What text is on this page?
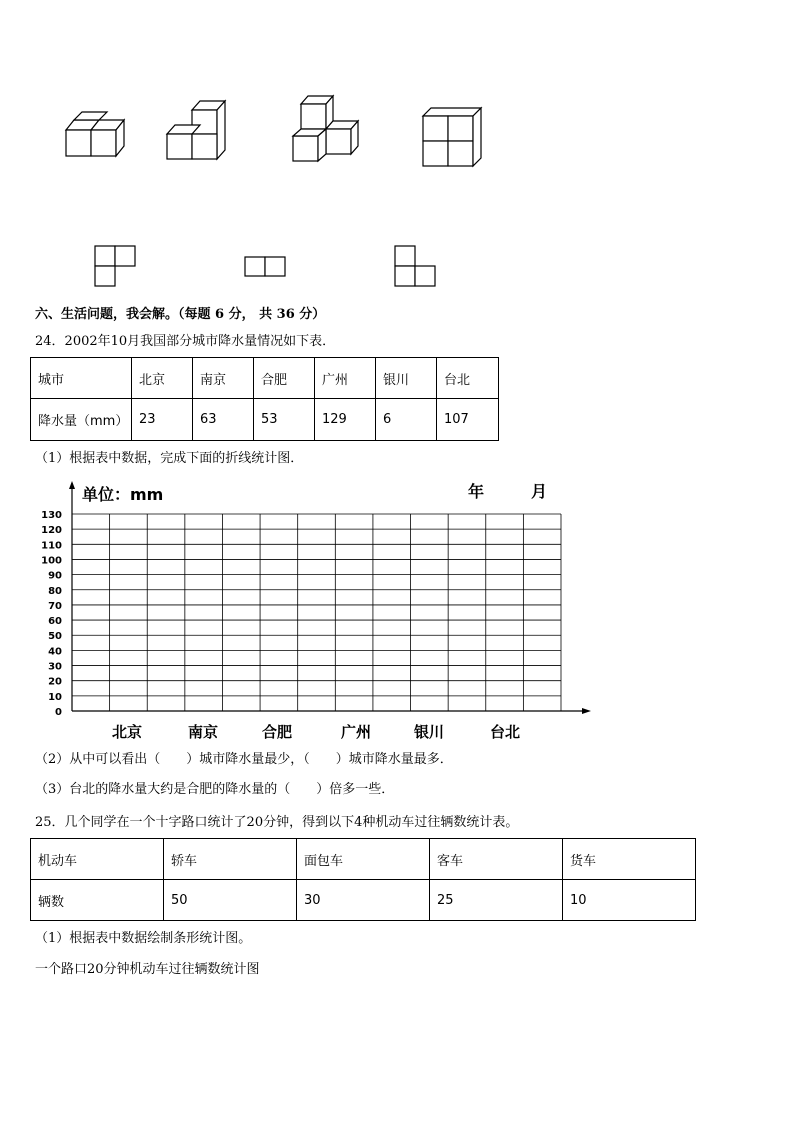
六、生活问题，我会解。（每题 6 分， 共 36 分）
24．2002年10月我国部分城市降水量情况如下表．
城市	北京	南京	合肥	广州	银川	台北
降水量（mm）	23	63	53	129	6	107
（1）根据表中数据，完成下面的折线统计图．
0
10
20
30
40
50
60
70
80
90
100
110
120
130
北京	南京	合肥	广州	银川	台北
单位：mm	年	月
（2）从中可以看出（　　）城市降水量最少，（　　）城市降水量最多．
（3）台北的降水量大约是合肥的降水量的（　　）倍多一些．
25．几个同学在一个十字路口统计了20分钟，得到以下4种机动车过往辆数统计表。
机动车	轿车	面包车	客车	货车
辆数	50	30	25	10
（1）根据表中数据绘制条形统计图。
一个路口20分钟机动车过往辆数统计图
